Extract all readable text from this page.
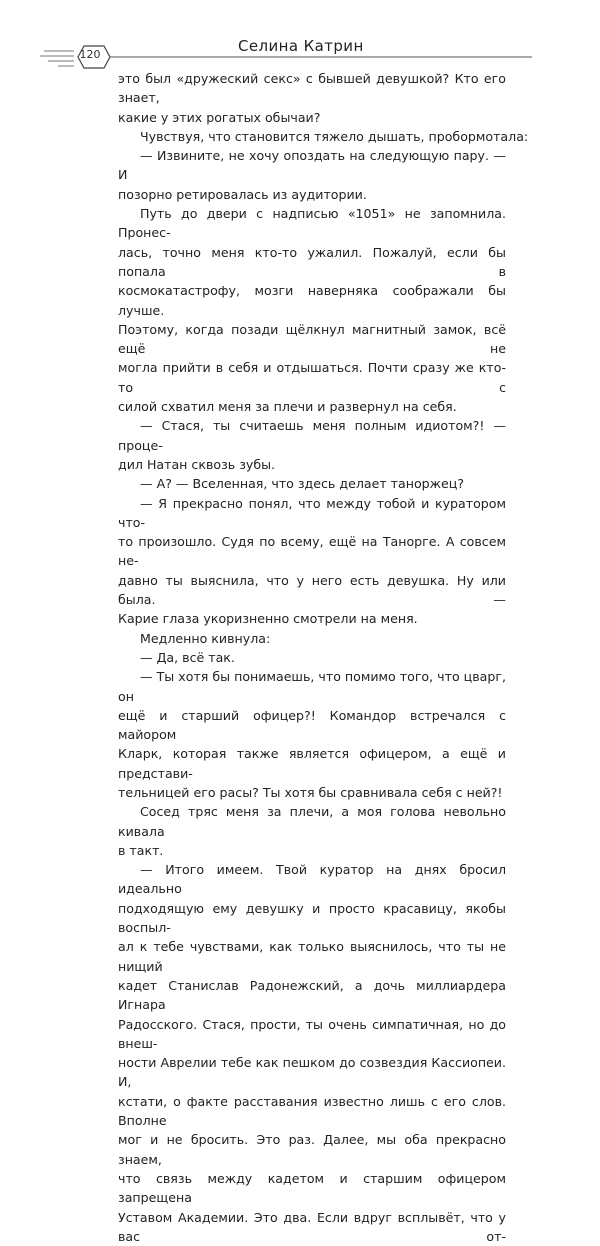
120	Селина Катрин
это был «дружеский секс» с бывшей девушкой? Кто его знает,
какие у этих рогатых обычаи?
Чувствуя, что становится тяжело дышать, пробормотала:
— Извините, не хочу опоздать на следующую пару. — И
позорно ретировалась из аудитории.
Путь до двери с надписью «1051» не запомнила. Пронес-
лась, точно меня кто-то ужалил. Пожалуй, если бы попала в
космокатастрофу, мозги наверняка соображали бы лучше.
Поэтому, когда позади щёлкнул магнитный замок, всё ещё не
могла прийти в себя и отдышаться. Почти сразу же кто-то с
силой схватил меня за плечи и развернул на себя.
— Стася, ты считаешь меня полным идиотом?! — проце-
дил Натан сквозь зубы.
— А? — Вселенная, что здесь делает таноржец?
— Я прекрасно понял, что между тобой и куратором что-
то произошло. Судя по всему, ещё на Таноргe. А совсем не-
давно ты выяснила, что у него есть девушка. Ну или была. —
Карие глаза укоризненно смотрели на меня.
Медленно кивнула:
— Да, всё так.
— Ты хотя бы понимаешь, что помимо того, что цварг, он
ещё и старший офицер?! Командор встречался с майором
Кларк, которая также является офицером, а ещё и представи-
тельницей его расы? Ты хотя бы сравнивала себя с ней?!
Сосед тряс меня за плечи, а моя голова невольно кивала
в такт.
— Итого имеем. Твой куратор на днях бросил идеально
подходящую ему девушку и просто красавицу, якобы воспыл-
ал к тебе чувствами, как только выяснилось, что ты не нищий
кадет Станислав Радонежский, а дочь миллиардера Игнара
Радосского. Стася, прости, ты очень симпатичная, но до внеш-
ности Аврелии тебе как пешком до созвездия Кассиопеи. И,
кстати, о факте расставания известно лишь с его слов. Вполне
мог и не бросить. Это раз. Далее, мы оба прекрасно знаем,
что связь между кадетом и старшим офицером запрещена
Уставом Академии. Это два. Если вдруг всплывёт, что у вас от-
